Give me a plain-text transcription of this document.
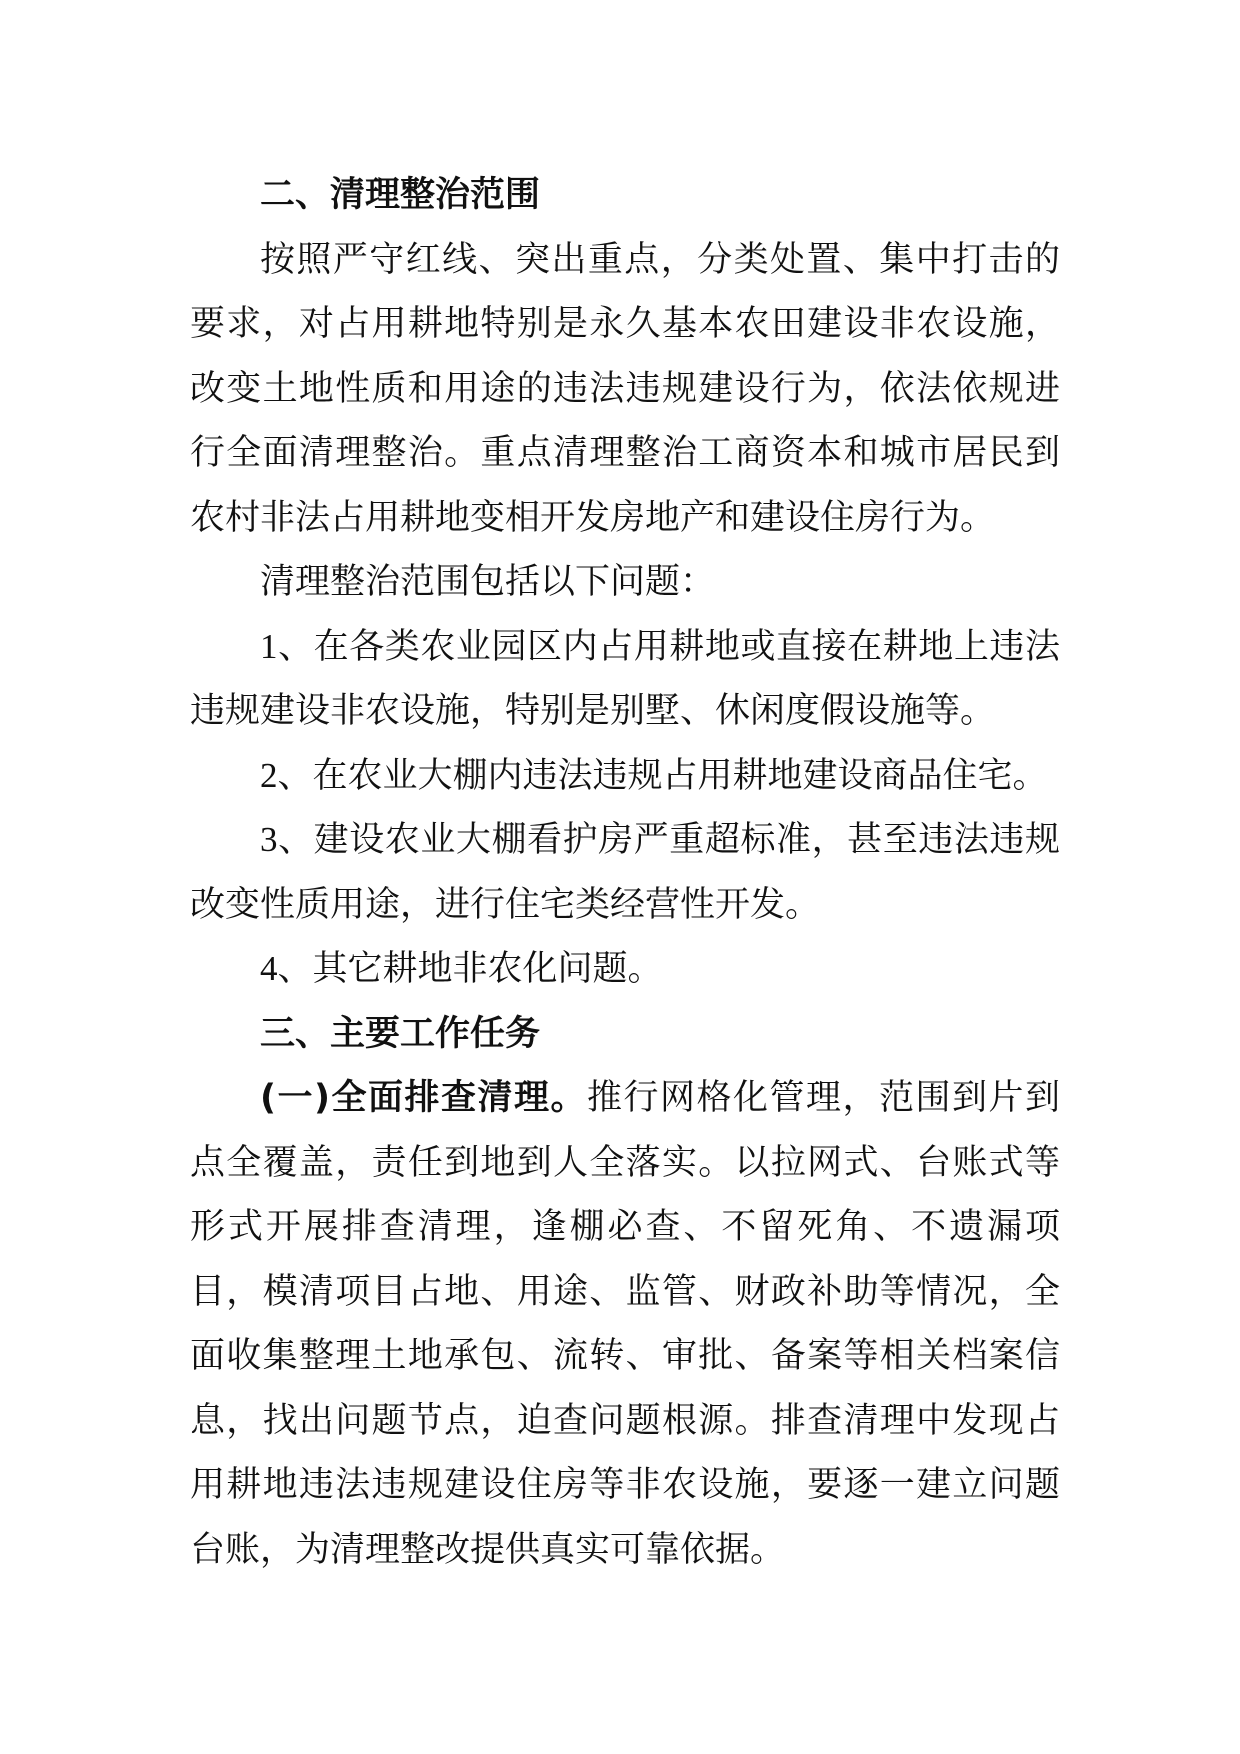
二、清理整治范围

按照严守红线、突出重点，分类处置、集中打击的要求，对占用耕地特别是永久基本农田建设非农设施，改变土地性质和用途的违法违规建设行为，依法依规进行全面清理整治。重点清理整治工商资本和城市居民到农村非法占用耕地变相开发房地产和建设住房行为。

清理整治范围包括以下问题：

1、在各类农业园区内占用耕地或直接在耕地上违法违规建设非农设施，特别是别墅、休闲度假设施等。

2、在农业大棚内违法违规占用耕地建设商品住宅。

3、建设农业大棚看护房严重超标准，甚至违法违规改变性质用途，进行住宅类经营性开发。

4、其它耕地非农化问题。

三、主要工作任务

(一)全面排查清理。推行网格化管理，范围到片到点全覆盖，责任到地到人全落实。以拉网式、台账式等形式开展排查清理，逢棚必查、不留死角、不遗漏项目，模清项目占地、用途、监管、财政补助等情况，全面收集整理土地承包、流转、审批、备案等相关档案信息，找出问题节点，迫查问题根源。排查清理中发现占用耕地违法违规建设住房等非农设施，要逐一建立问题台账，为清理整改提供真实可靠依据。
